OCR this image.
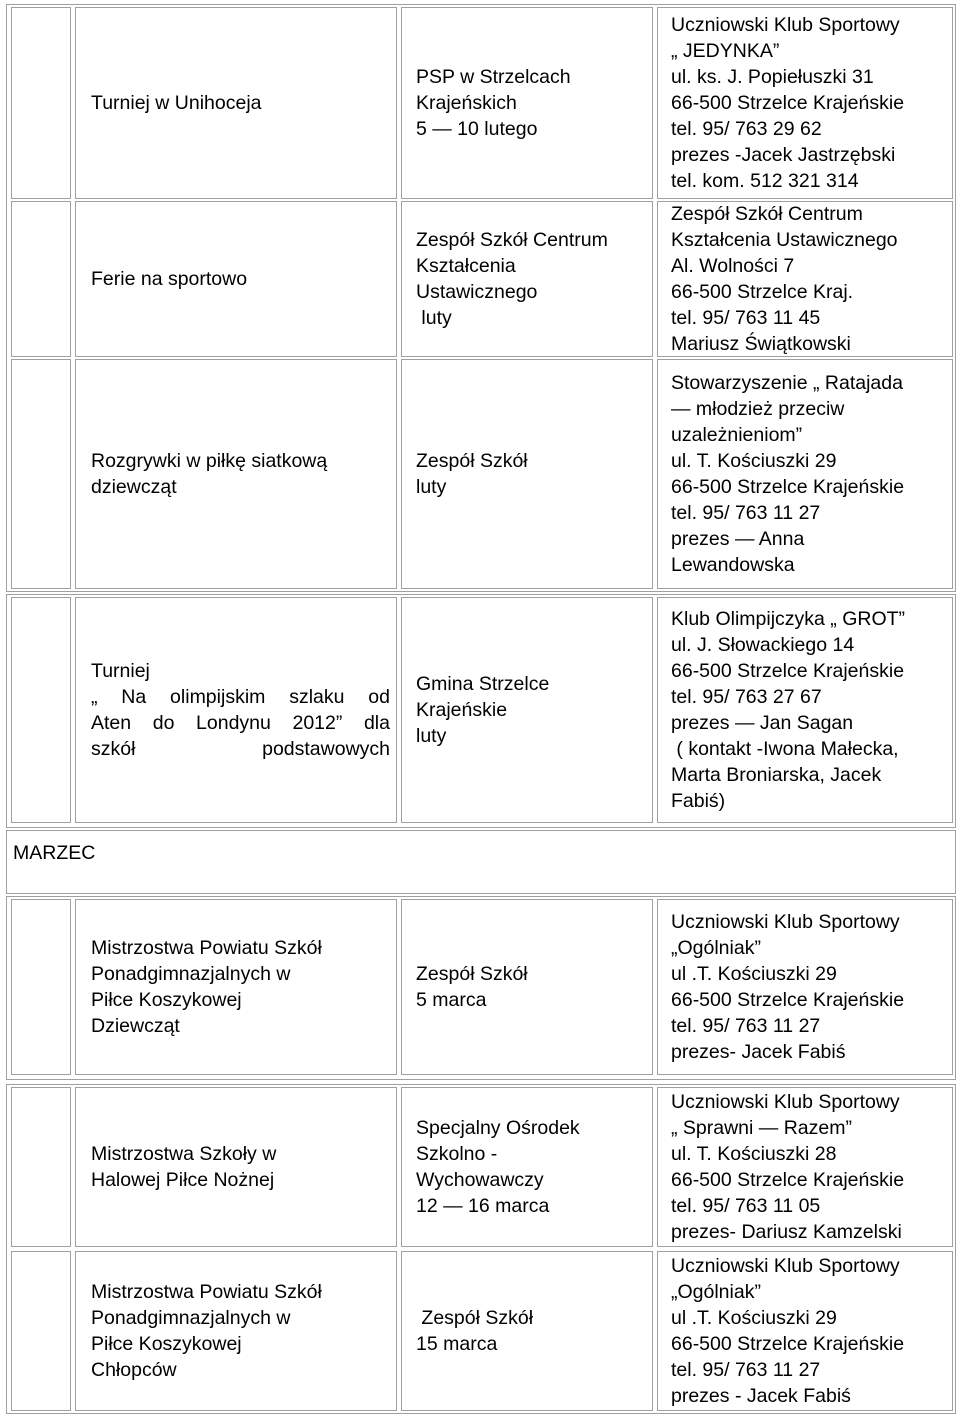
Turniej w Unihoceja
PSP w Strzelcach
Krajeńskich
5 — 10 lutego
Uczniowski Klub Sportowy
„ JEDYNKA”
ul. ks. J. Popiełuszki 31
66-500 Strzelce Krajeńskie
tel. 95/ 763 29 62
prezes -Jacek Jastrzębski
tel. kom. 512 321 314
Ferie na sportowo
Zespół Szkół Centrum
Kształcenia
Ustawicznego
luty
Zespół Szkół Centrum
Kształcenia Ustawicznego
Al. Wolności 7
66-500 Strzelce Kraj.
tel. 95/ 763 11 45
Mariusz Świątkowski
Rozgrywki w piłkę siatkową
dziewcząt
Zespół Szkół
luty
Stowarzyszenie „ Ratajada
— młodzież przeciw
uzależnieniom”
ul. T. Kościuszki 29
66-500 Strzelce Krajeńskie
tel. 95/ 763 11 27
prezes — Anna
Lewandowska
Turniej
„ Na olimpijskim szlaku od
Aten do Londynu 2012” dla
szkół podstawowych
Gmina Strzelce
Krajeńskie
luty
Klub Olimpijczyka „ GROT”
ul. J. Słowackiego 14
66-500 Strzelce Krajeńskie
tel. 95/ 763 27 67
prezes — Jan Sagan
( kontakt -Iwona Małecka,
Marta Broniarska, Jacek
Fabiś)
MARZEC
Mistrzostwa Powiatu Szkół
Ponadgimnazjalnych w
Piłce Koszykowej
Dziewcząt
Zespół Szkół
5 marca
Uczniowski Klub Sportowy
„Ogólniak”
ul .T. Kościuszki 29
66-500 Strzelce Krajeńskie
tel. 95/ 763 11 27
prezes- Jacek Fabiś
Mistrzostwa Szkoły w
Halowej Piłce Nożnej
Specjalny Ośrodek
Szkolno -
Wychowawczy
12 — 16 marca
Uczniowski Klub Sportowy
„ Sprawni — Razem”
ul. T. Kościuszki 28
66-500 Strzelce Krajeńskie
tel. 95/ 763 11 05
prezes- Dariusz Kamzelski
Mistrzostwa Powiatu Szkół
Ponadgimnazjalnych w
Piłce Koszykowej
Chłopców
Zespół Szkół
15 marca
Uczniowski Klub Sportowy
„Ogólniak”
ul .T. Kościuszki 29
66-500 Strzelce Krajeńskie
tel. 95/ 763 11 27
prezes - Jacek Fabiś
